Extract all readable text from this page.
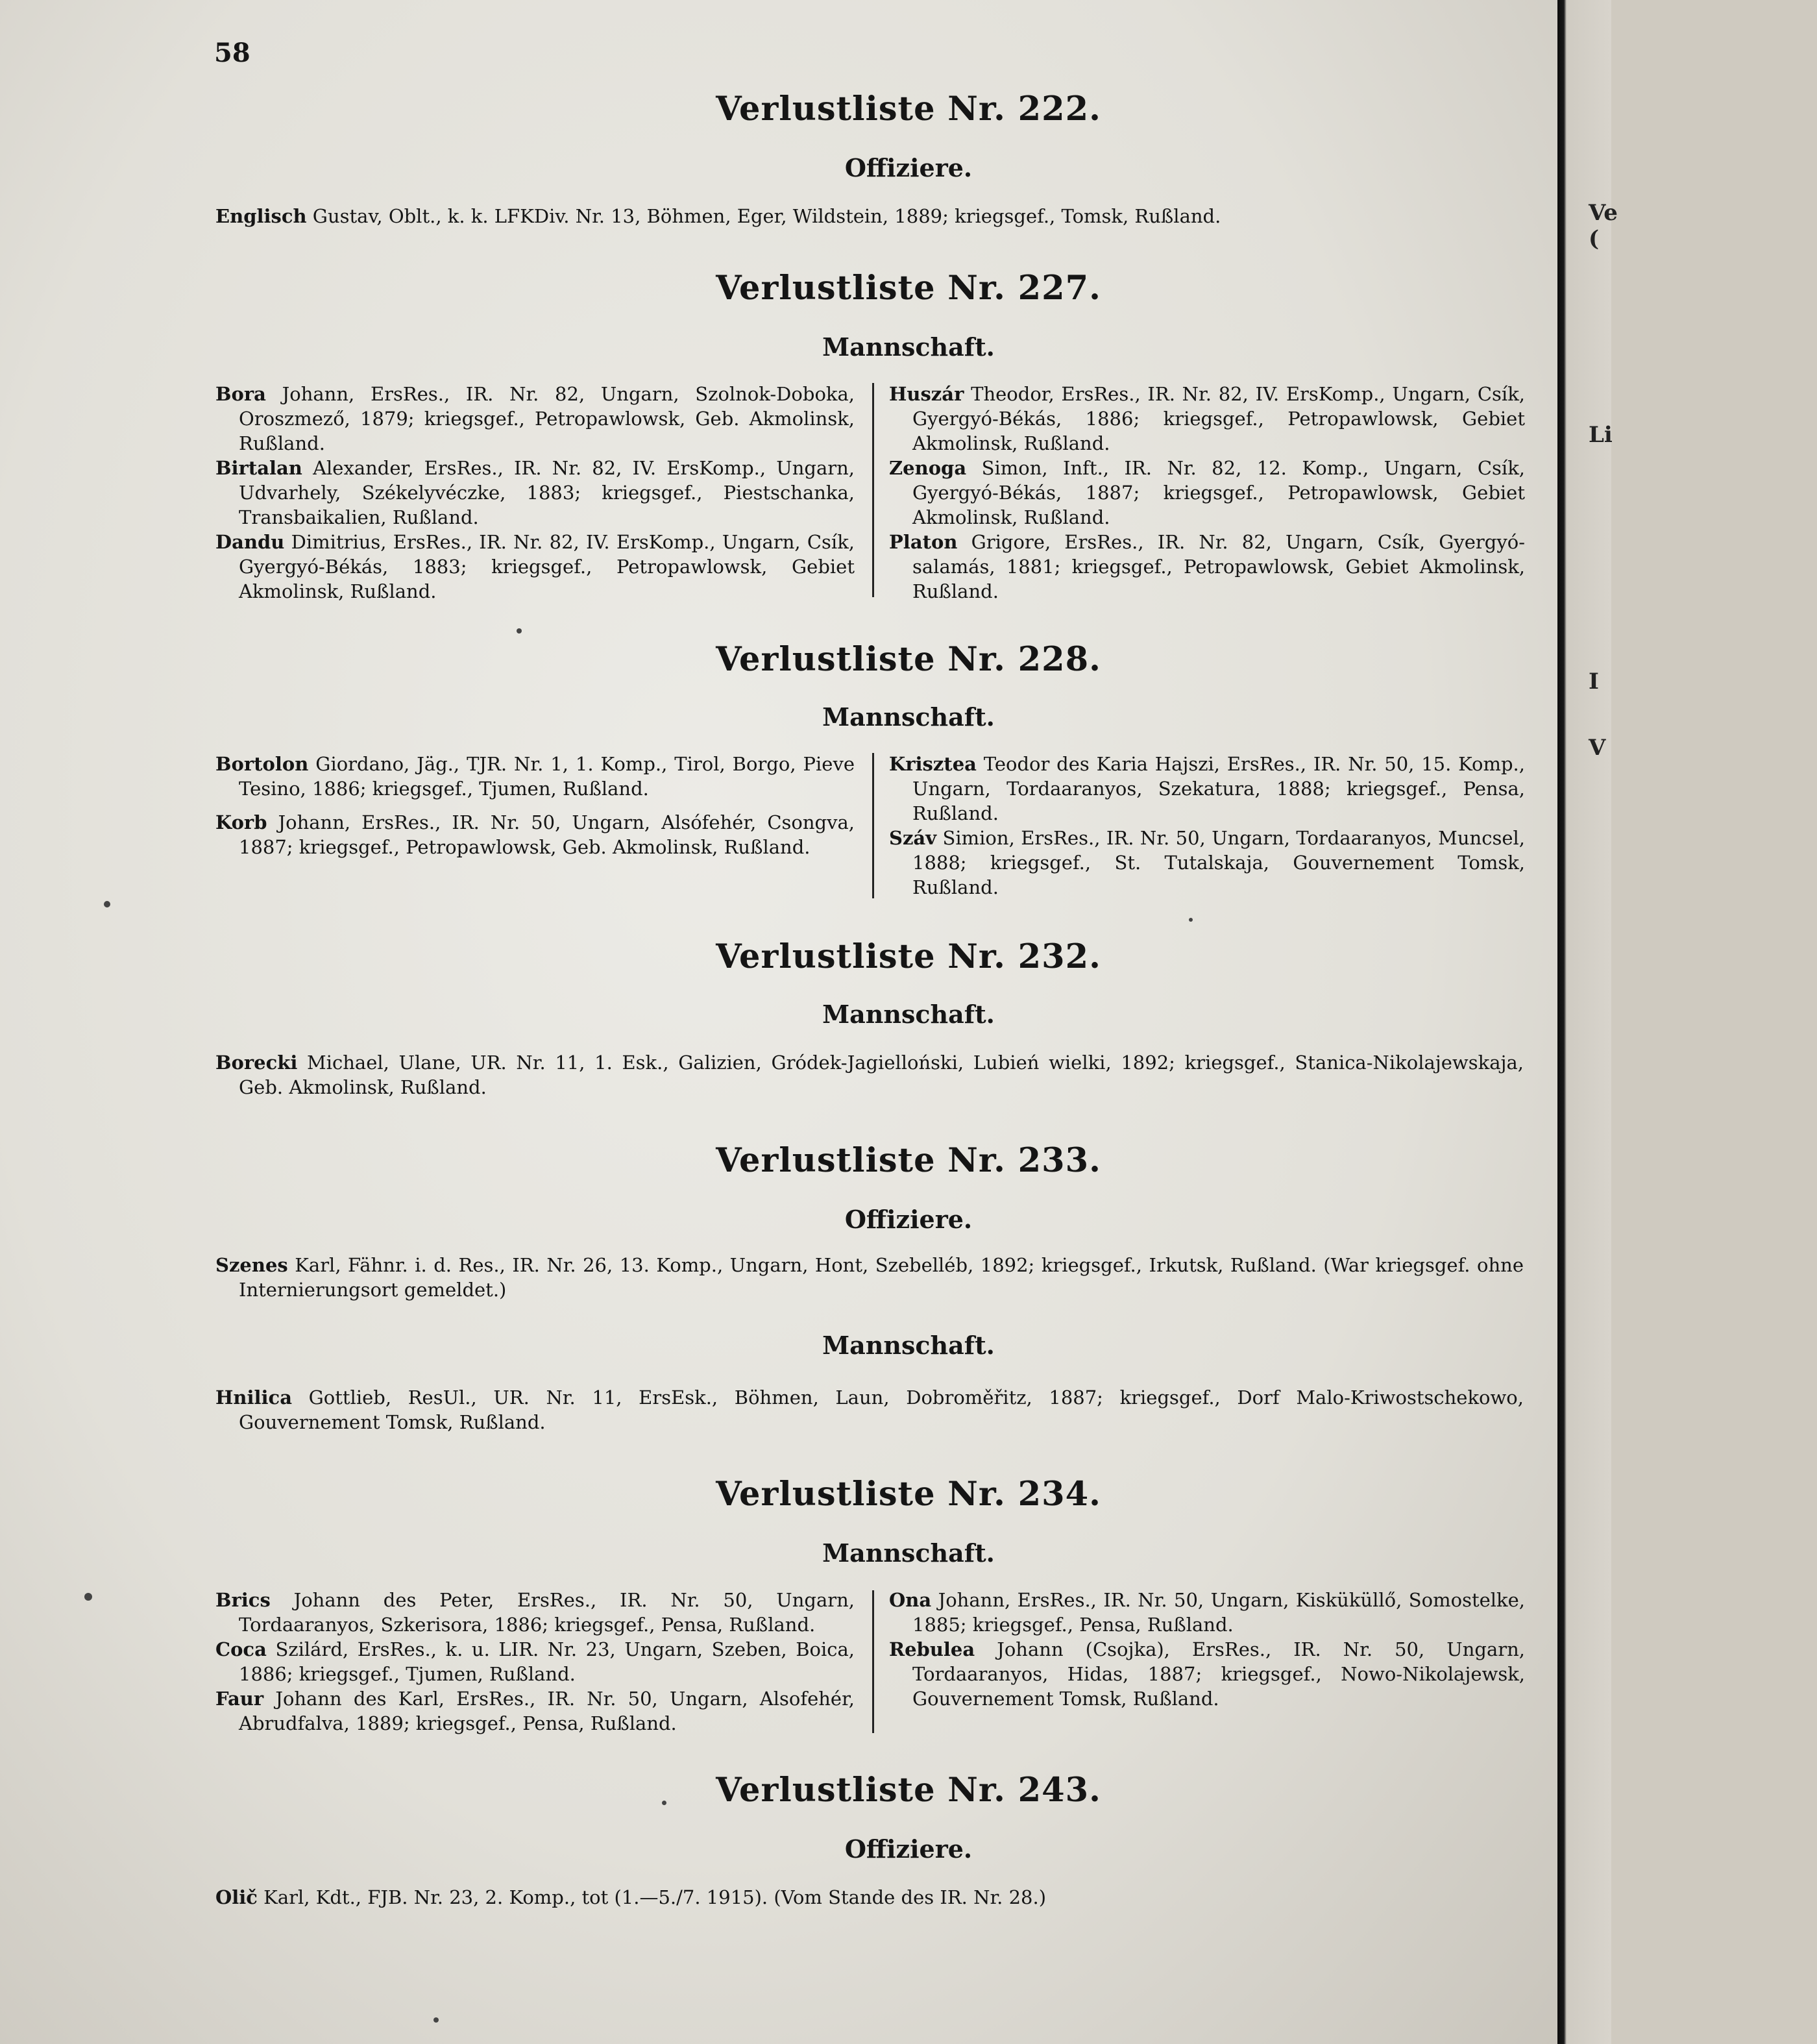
58
Verlustliste Nr. 222.
Offiziere.

Englisch Gustav, Oblt., k. k. LFKDiv. Nr. 13, Böhmen, Eger, Wildstein, 1889; kriegsgef., Tomsk, Rußland.

Verlustliste Nr. 227.
Mannschaft.

Bora Johann, ErsRes., IR. Nr. 82, Ungarn, Szolnok-Doboka, Oroszmező, 1879; kriegsgef., Petropawlowsk, Geb. Akmolinsk, Rußland.

Birtalan Alexander, ErsRes., IR. Nr. 82, IV. ErsKomp., Ungarn, Udvarhely, Székelyvéczke, 1883; kriegsgef., Piestschanka, Transbaikalien, Rußland.

Dandu Dimitrius, ErsRes., IR. Nr. 82, IV. ErsKomp., Ungarn, Csík, Gyergyó-Békás, 1883; kriegsgef., Petropawlowsk, Gebiet Akmolinsk, Rußland.

Huszár Theodor, ErsRes., IR. Nr. 82, IV. ErsKomp., Ungarn, Csík, Gyergyó-Békás, 1886; kriegsgef., Petropawlowsk, Gebiet Akmolinsk, Rußland.

Zenoga Simon, Inft., IR. Nr. 82, 12. Komp., Ungarn, Csík, Gyergyó-Békás, 1887; kriegsgef., Petropawlowsk, Gebiet Akmolinsk, Rußland.

Platon Grigore, ErsRes., IR. Nr. 82, Ungarn, Csík, Gyergyó-salamás, 1881; kriegsgef., Petropawlowsk, Gebiet Akmolinsk, Rußland.

Verlustliste Nr. 228.
Mannschaft.

Bortolon Giordano, Jäg., TJR. Nr. 1, 1. Komp., Tirol, Borgo, Pieve Tesino, 1886; kriegsgef., Tjumen, Rußland.

Korb Johann, ErsRes., IR. Nr. 50, Ungarn, Alsófehér, Csongva, 1887; kriegsgef., Petropawlowsk, Geb. Akmolinsk, Rußland.

Krisztea Teodor des Karia Hajszi, ErsRes., IR. Nr. 50, 15. Komp., Ungarn, Tordaaranyos, Szekatura, 1888; kriegsgef., Pensa, Rußland.

Száv Simion, ErsRes., IR. Nr. 50, Ungarn, Tordaaranyos, Muncsel, 1888; kriegsgef., St. Tutalskaja, Gouvernement Tomsk, Rußland.

Verlustliste Nr. 232.
Mannschaft.

Borecki Michael, Ulane, UR. Nr. 11, 1. Esk., Galizien, Gródek-Jagielloński, Lubień wielki, 1892; kriegsgef., Stanica-Nikolajewskaja, Geb. Akmolinsk, Rußland.

Verlustliste Nr. 233.
Offiziere.

Szenes Karl, Fähnr. i. d. Res., IR. Nr. 26, 13. Komp., Ungarn, Hont, Szebelléb, 1892; kriegsgef., Irkutsk, Rußland. (War kriegsgef. ohne Internierungsort gemeldet.)

Mannschaft.

Hnilica Gottlieb, ResUl., UR. Nr. 11, ErsEsk., Böhmen, Laun, Dobroměřitz, 1887; kriegsgef., Dorf Malo-Kriwostschekowo, Gouvernement Tomsk, Rußland.

Verlustliste Nr. 234.
Mannschaft.

Brics Johann des Peter, ErsRes., IR. Nr. 50, Ungarn, Tordaaranyos, Szkerisora, 1886; kriegsgef., Pensa, Rußland.

Coca Szilárd, ErsRes., k. u. LIR. Nr. 23, Ungarn, Szeben, Boica, 1886; kriegsgef., Tjumen, Rußland.

Faur Johann des Karl, ErsRes., IR. Nr. 50, Ungarn, Alsofehér, Abrudfalva, 1889; kriegsgef., Pensa, Rußland.

Ona Johann, ErsRes., IR. Nr. 50, Ungarn, Kisküküllő, Somostelke, 1885; kriegsgef., Pensa, Rußland.

Rebulea Johann (Csojka), ErsRes., IR. Nr. 50, Ungarn, Tordaaranyos, Hidas, 1887; kriegsgef., Nowo-Nikolajewsk, Gouvernement Tomsk, Rußland.

Verlustliste Nr. 243.
Offiziere.

Olič Karl, Kdt., FJB. Nr. 23, 2. Komp., tot (1.—5./7. 1915). (Vom Stande des IR. Nr. 28.)

Ve
(
Li
I
V
